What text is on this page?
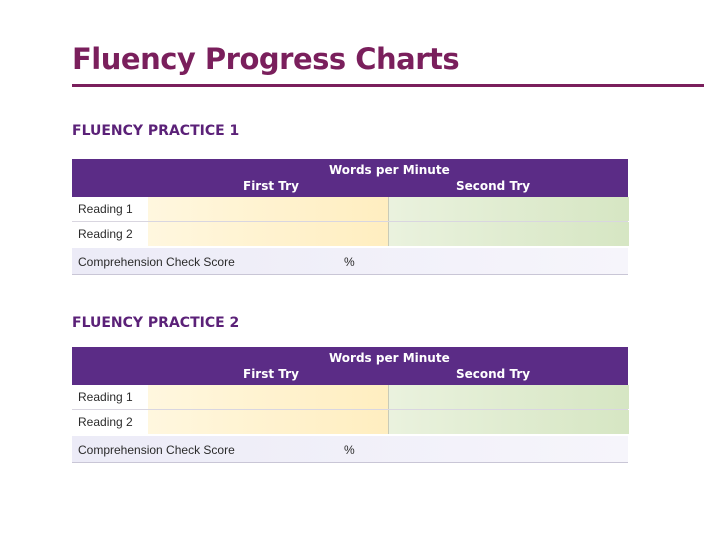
Fluency Progress Charts
FLUENCY PRACTICE 1
Words per Minute
First Try	Second Try
Reading 1
Reading 2
Comprehension Check Score	%
FLUENCY PRACTICE 2
Words per Minute
First Try	Second Try
Reading 1
Reading 2
Comprehension Check Score	%
